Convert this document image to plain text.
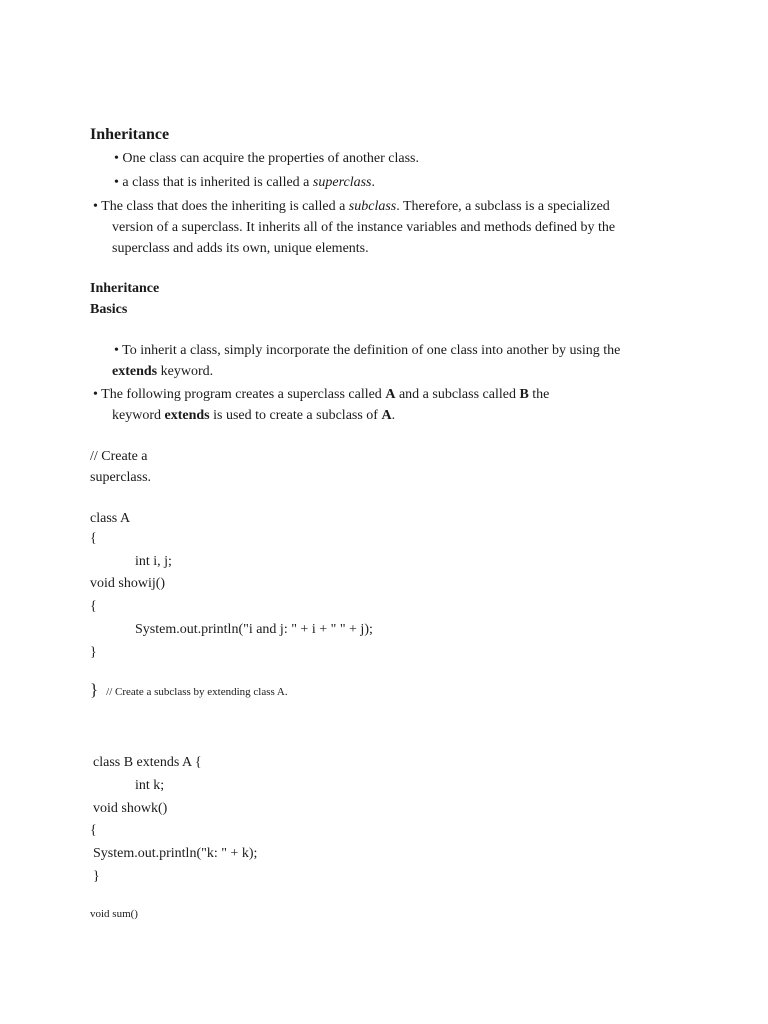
Inheritance
• One class can acquire the properties of another class.
• a class that is inherited is called a superclass.
• The class that does the inheriting is called a subclass. Therefore, a subclass is a specialized
version of a superclass. It inherits all of the instance variables and methods defined by the
superclass and adds its own, unique elements.
Inheritance
Basics
• To inherit a class, simply incorporate the definition of one class into another by using the
extends keyword.
• The following program creates a superclass called A and a subclass called B the
keyword extends is used to create a subclass of A.
// Create a
superclass.
class A
{
int i, j;
void showij()
{
System.out.println("i and j: " + i + " " + j);
}
} // Create a subclass by extending class A.
class B extends A {
int k;
void showk()
{
System.out.println("k: " + k);
}
void sum()
